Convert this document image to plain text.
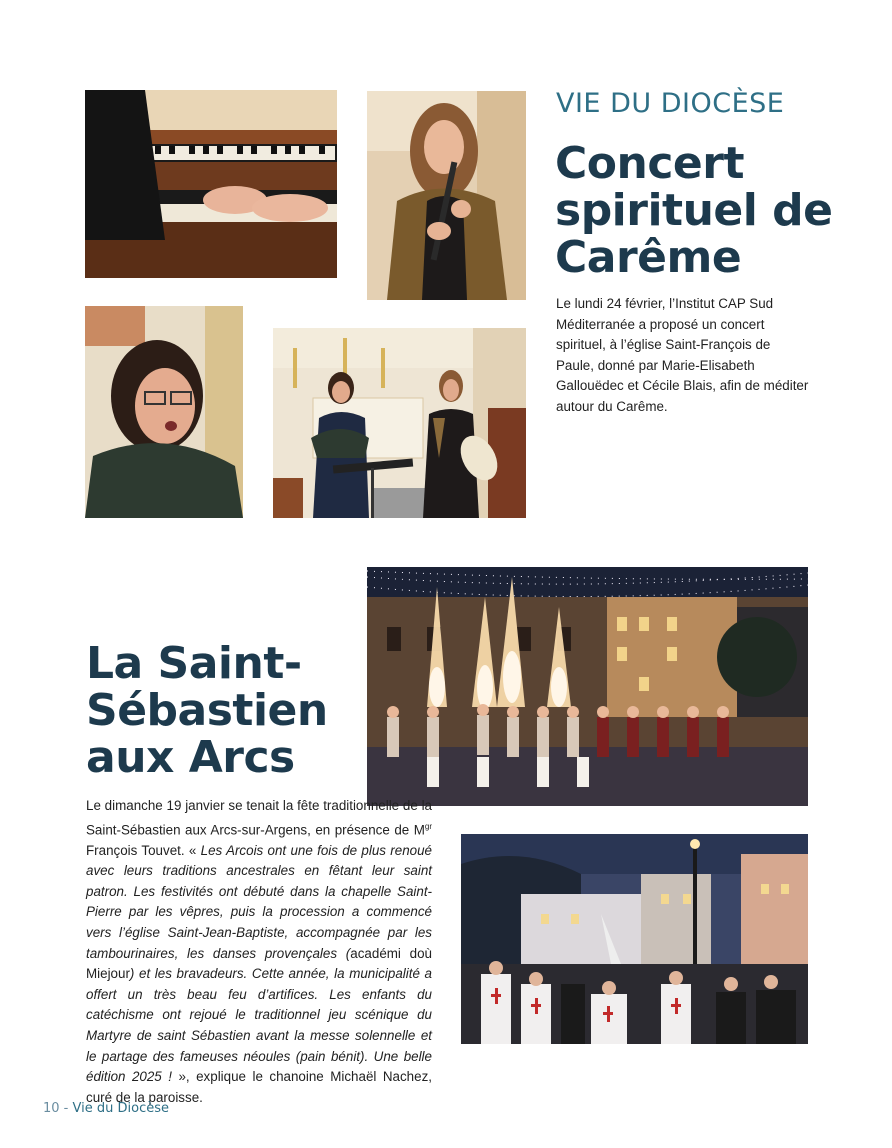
VIE DU DIOCÈSE
Concert spirituel de Carême
Le lundi 24 février, l’Institut CAP Sud Méditerranée a proposé un concert spirituel, à l’église Saint-François de Paule, donné par Marie-Elisabeth Gallouëdec et Cécile Blais, afin de méditer autour du Carême.
La Saint-Sébastien aux Arcs
Le dimanche 19 janvier se tenait la fête traditionnelle de la Saint-Sébastien aux Arcs-sur-Argens, en présence de $M^{gr}$ François Touvet. « Les Arcois ont une fois de plus renoué avec leurs traditions ancestrales en fêtant leur saint patron. Les festivités ont débuté dans la chapelle Saint-Pierre par les vêpres, puis la procession a commencé vers l’église Saint-Jean-Baptiste, accompagnée par les tambourinaires, les danses provençales (académi doù Miejour) et les bravadeurs. Cette année, la municipalité a offert un très beau feu d’artifices. Les enfants du catéchisme ont rejoué le traditionnel jeu scénique du Martyre de saint Sébastien avant la messe solennelle et le partage des fameuses néoules (pain bénit). Une belle édition 2025 ! », explique le chanoine Michaël Nachez, curé de la paroisse.
10 - Vie du Diocèse
